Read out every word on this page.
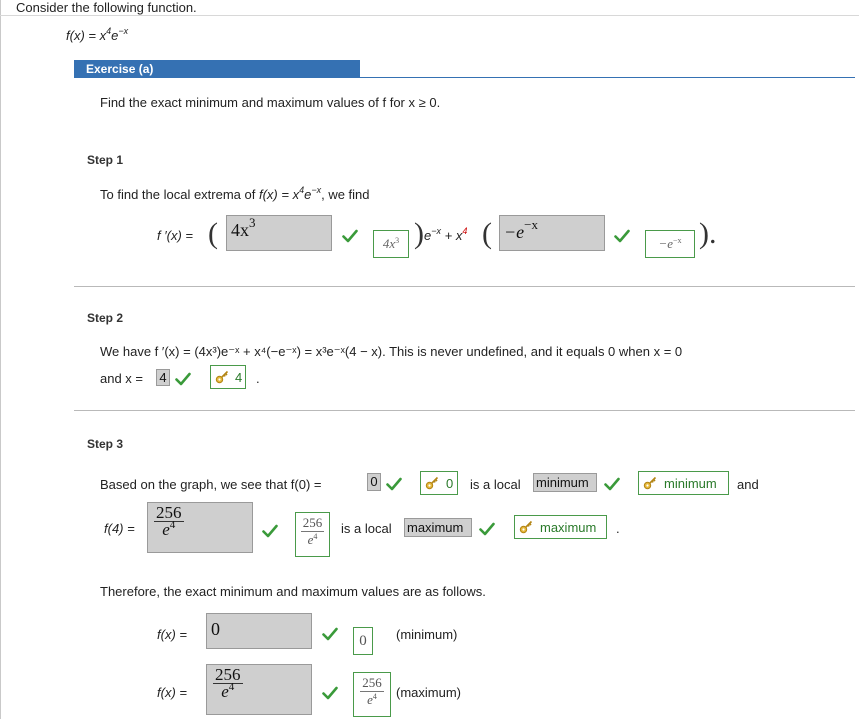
Consider the following function.
$f(x) = x^4e^{-x}$
Exercise (a)
Find the exact minimum and maximum values of f for x ≥ 0.
Step 1
To find the local extrema of $f(x) = x^4e^{-x}$, we find
f ′(x) = ( $4x^3$
$4x^3$ ) $e^{-x} + x^4$ ( $-e^{-x}$
$-e^{-x}$ ).
Step 2
We have f ′(x) = (4x³)e⁻ˣ + x⁴(−e⁻ˣ) = x³e⁻ˣ(4 − x). This is never undefined, and it equals 0 when x = 0
and x = 4	4 .
Step 3
Based on the graph, we see that f(0) =	0	0 is a local minimum	minimum and
$f(4) = \frac{256}{e^4}$	$\frac{256}{e^4}$ is a local maximum	maximum .
Therefore, the exact minimum and maximum values are as follows.
f(x) = 0
0	(minimum)
$f(x) = \frac{256}{e^4}$	$\frac{256}{e^4}$ (maximum)
